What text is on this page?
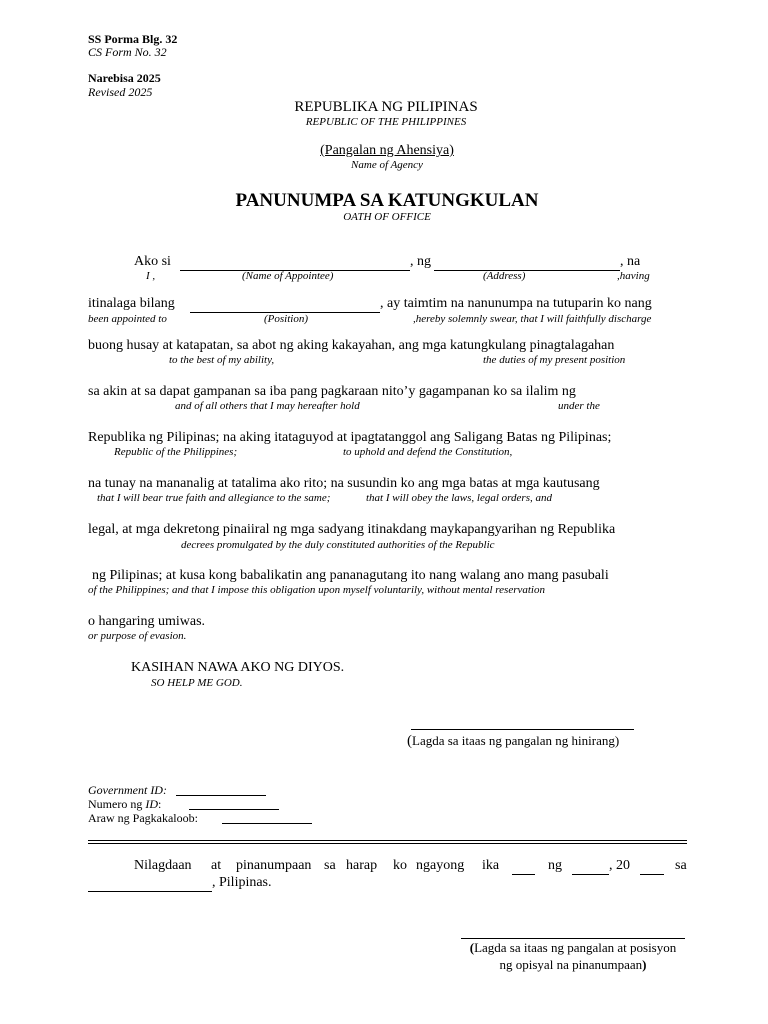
SS Porma Blg. 32
CS Form No. 32
Narebisa 2025
Revised 2025
REPUBLIKA NG PILIPINAS
REPUBLIC OF THE PHILIPPINES
(Pangalan ng Ahensiya)
Name of Agency
PANUNUMPA SA KATUNGKULAN
OATH OF OFFICE
Ako si	, ng	, na
I ,	(Name of Appointee)	(Address)	,having
itinalaga bilang	, ay taimtim na nanunumpa na tutuparin ko nang
been appointed to	(Position)	,hereby solemnly swear, that I will faithfully discharge
buong husay at katapatan, sa abot ng aking kakayahan, ang mga katungkulang pinagtalagahan
to the best of my ability,	the duties of my present position
sa akin at sa dapat gampanan sa iba pang pagkaraan nito’y gagampanan ko sa ilalim ng
and of all others that I may hereafter hold	under the
Republika ng Pilipinas; na aking itataguyod at ipagtatanggol ang Saligang Batas ng Pilipinas;
Republic of the Philippines;	to uphold and defend the Constitution,
na tunay na mananalig at tatalima ako rito; na susundin ko ang mga batas at mga kautusang
that I will bear true faith and allegiance to the same;	that I will obey the laws, legal orders, and
legal, at mga dekretong pinaiiral ng mga sadyang itinakdang maykapangyarihan ng Republika
decrees promulgated by the duly constituted authorities of the Republic
ng Pilipinas; at kusa kong babalikatin ang pananagutang ito nang walang ano mang pasubali
of the Philippines; and that I impose this obligation upon myself voluntarily, without mental reservation
o hangaring umiwas.
or purpose of evasion.
KASIHAN NAWA AKO NG DIYOS.
SO HELP ME GOD.
(Lagda sa itaas ng pangalan ng hinirang)
Government ID:
Numero ng ID:
Araw ng Pagkakaloob:
Nilagdaan at pinanumpaan sa harap ko ngayong ika	ng	, 20	sa
, Pilipinas.
(Lagda sa itaas ng pangalan at posisyon
ng opisyal na pinanumpaan)
